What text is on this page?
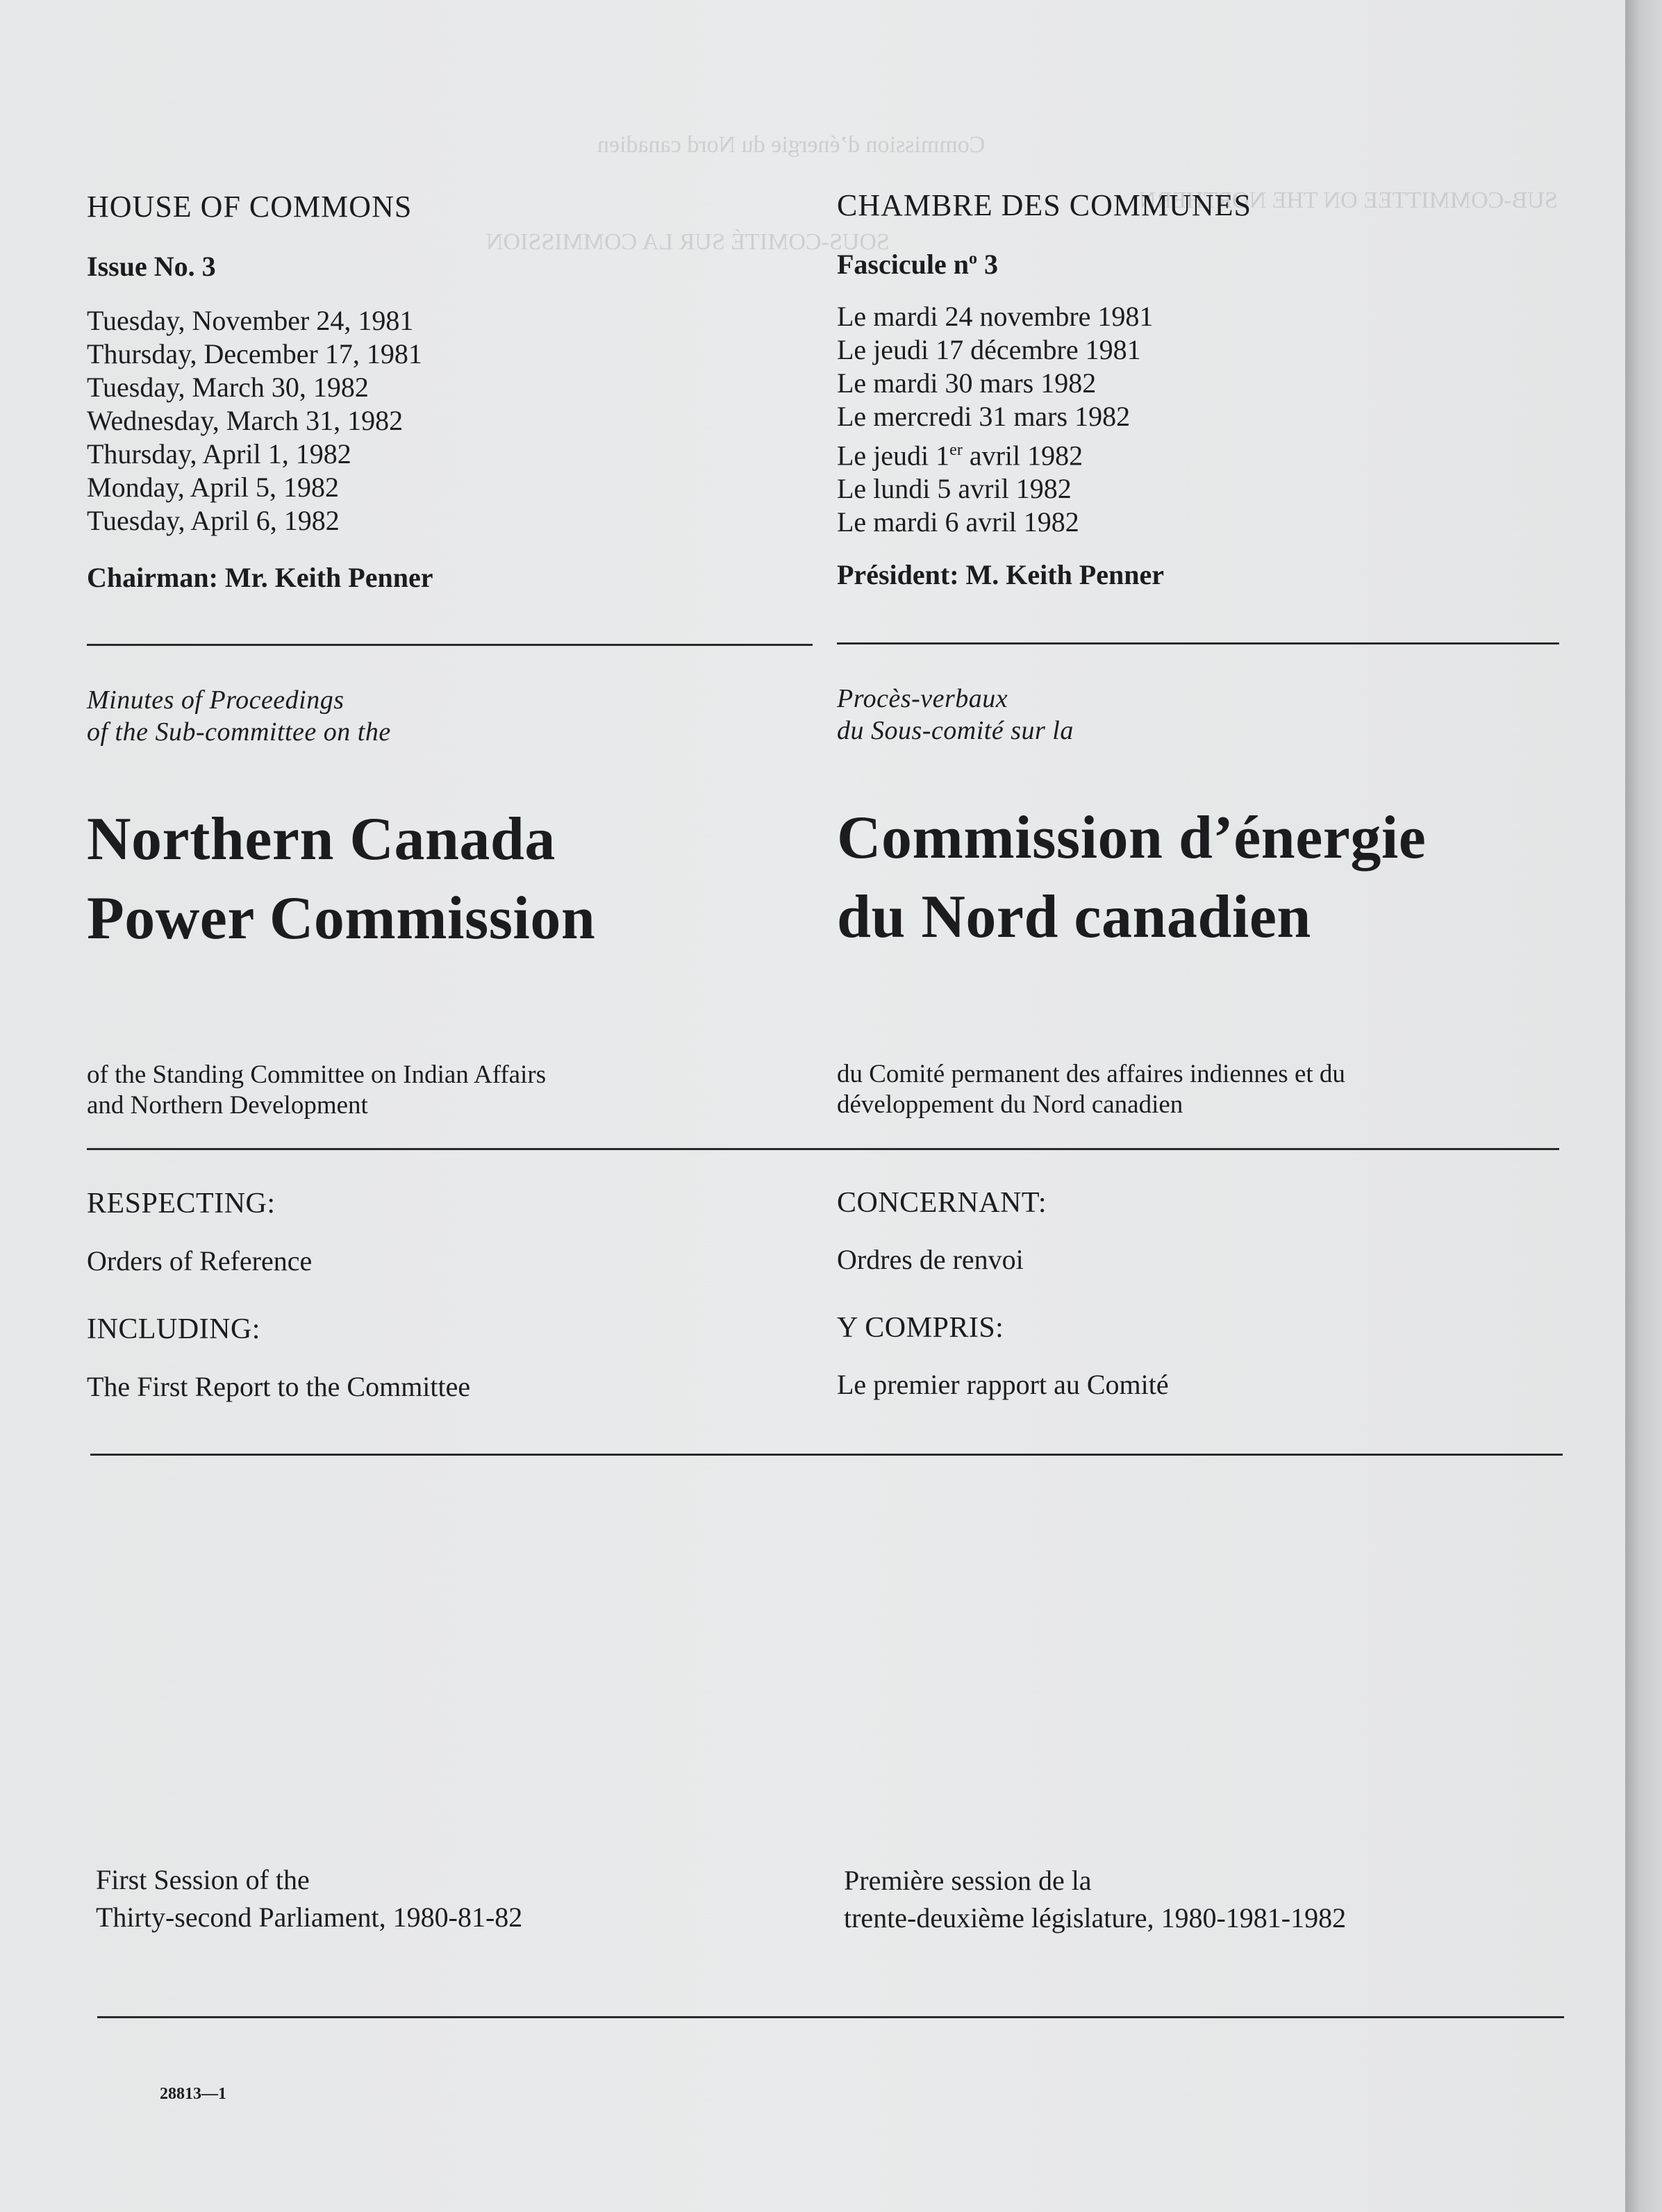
Commission d’énergie du Nord canadien
SUB-COMMITTEE ON THE NORTHERN
SOUS-COMITÉ SUR LA COMMISSION

HOUSE OF COMMONS

Issue No. 3

Tuesday, November 24, 1981
Thursday, December 17, 1981
Tuesday, March 30, 1982
Wednesday, March 31, 1982
Thursday, April 1, 1982
Monday, April 5, 1982
Tuesday, April 6, 1982

Chairman: Mr. Keith Penner

Minutes of Proceedings
of the Sub-committee on the
Northern Canada
Power Commission
of the Standing Committee on Indian Affairs
and Northern Development

RESPECTING:

Orders of Reference

INCLUDING:

The First Report to the Committee

First Session of the
Thirty-second Parliament, 1980-81-82

28813—1

CHAMBRE DES COMMUNES

Fascicule $n^o$ 3

Le mardi 24 novembre 1981
Le jeudi 17 décembre 1981
Le mardi 30 mars 1982
Le mercredi 31 mars 1982
Le jeudi 1er avril 1982
Le lundi 5 avril 1982
Le mardi 6 avril 1982

Président: M. Keith Penner

Procès-verbaux
du Sous-comité sur la
Commission d’énergie
du Nord canadien
du Comité permanent des affaires indiennes et du
développement du Nord canadien

CONCERNANT:

Ordres de renvoi

Y COMPRIS:

Le premier rapport au Comité

Première session de la
trente-deuxième législature, 1980-1981-1982
